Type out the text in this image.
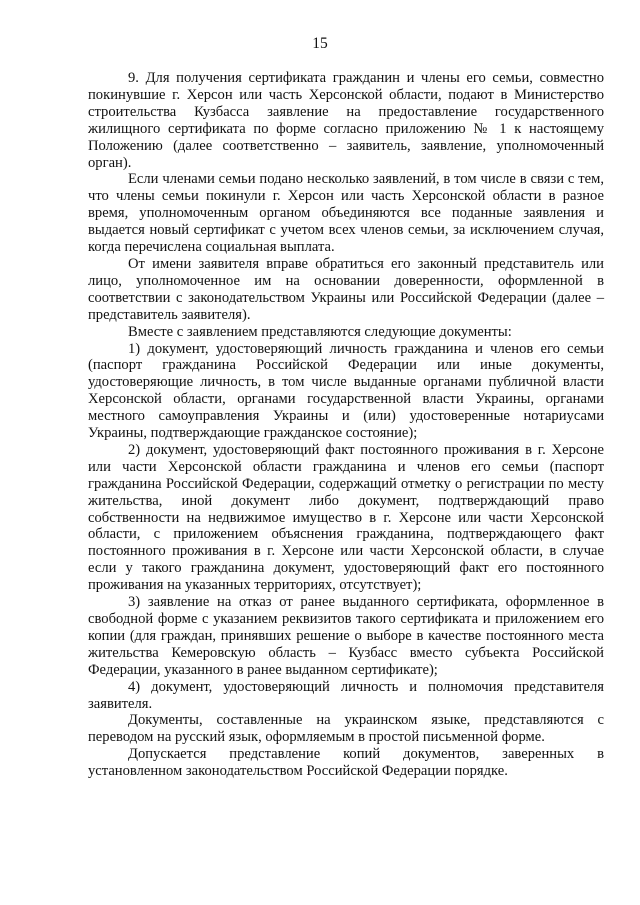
15

9. Для получения сертификата гражданин и члены его семьи, совместно покинувшие г. Херсон или часть Херсонской области, подают в Министерство строительства Кузбасса заявление на предоставление государственного жилищного сертификата по форме согласно приложению № 1 к настоящему Положению (далее соответственно – заявитель, заявление, уполномоченный орган).

Если членами семьи подано несколько заявлений, в том числе в связи с тем, что члены семьи покинули г. Херсон или часть Херсонской области в разное время, уполномоченным органом объединяются все поданные заявления и выдается новый сертификат с учетом всех членов семьи, за исключением случая, когда перечислена социальная выплата.

От имени заявителя вправе обратиться его законный представитель или лицо, уполномоченное им на основании доверенности, оформленной в соответствии с законодательством Украины или Российской Федерации (далее – представитель заявителя).

Вместе с заявлением представляются следующие документы:

1) документ, удостоверяющий личность гражданина и членов его семьи (паспорт гражданина Российской Федерации или иные документы, удостоверяющие личность, в том числе выданные органами публичной власти Херсонской области, органами государственной власти Украины, органами местного самоуправления Украины и (или) удостоверенные нотариусами Украины, подтверждающие гражданское состояние);

2) документ, удостоверяющий факт постоянного проживания в г. Херсоне или части Херсонской области гражданина и членов его семьи (паспорт гражданина Российской Федерации, содержащий отметку о регистрации по месту жительства, иной документ либо документ, подтверждающий право собственности на недвижимое имущество в г. Херсоне или части Херсонской области, с приложением объяснения гражданина, подтверждающего факт постоянного проживания в г. Херсоне или части Херсонской области, в случае если у такого гражданина документ, удостоверяющий факт его постоянного проживания на указанных территориях, отсутствует);

3) заявление на отказ от ранее выданного сертификата, оформленное в свободной форме с указанием реквизитов такого сертификата и приложением его копии (для граждан, принявших решение о выборе в качестве постоянного места жительства Кемеровскую область – Кузбасс вместо субъекта Российской Федерации, указанного в ранее выданном сертификате);

4) документ, удостоверяющий личность и полномочия представителя заявителя.

Документы, составленные на украинском языке, представляются с переводом на русский язык, оформляемым в простой письменной форме.

Допускается представление копий документов, заверенных в установленном законодательством Российской Федерации порядке.
